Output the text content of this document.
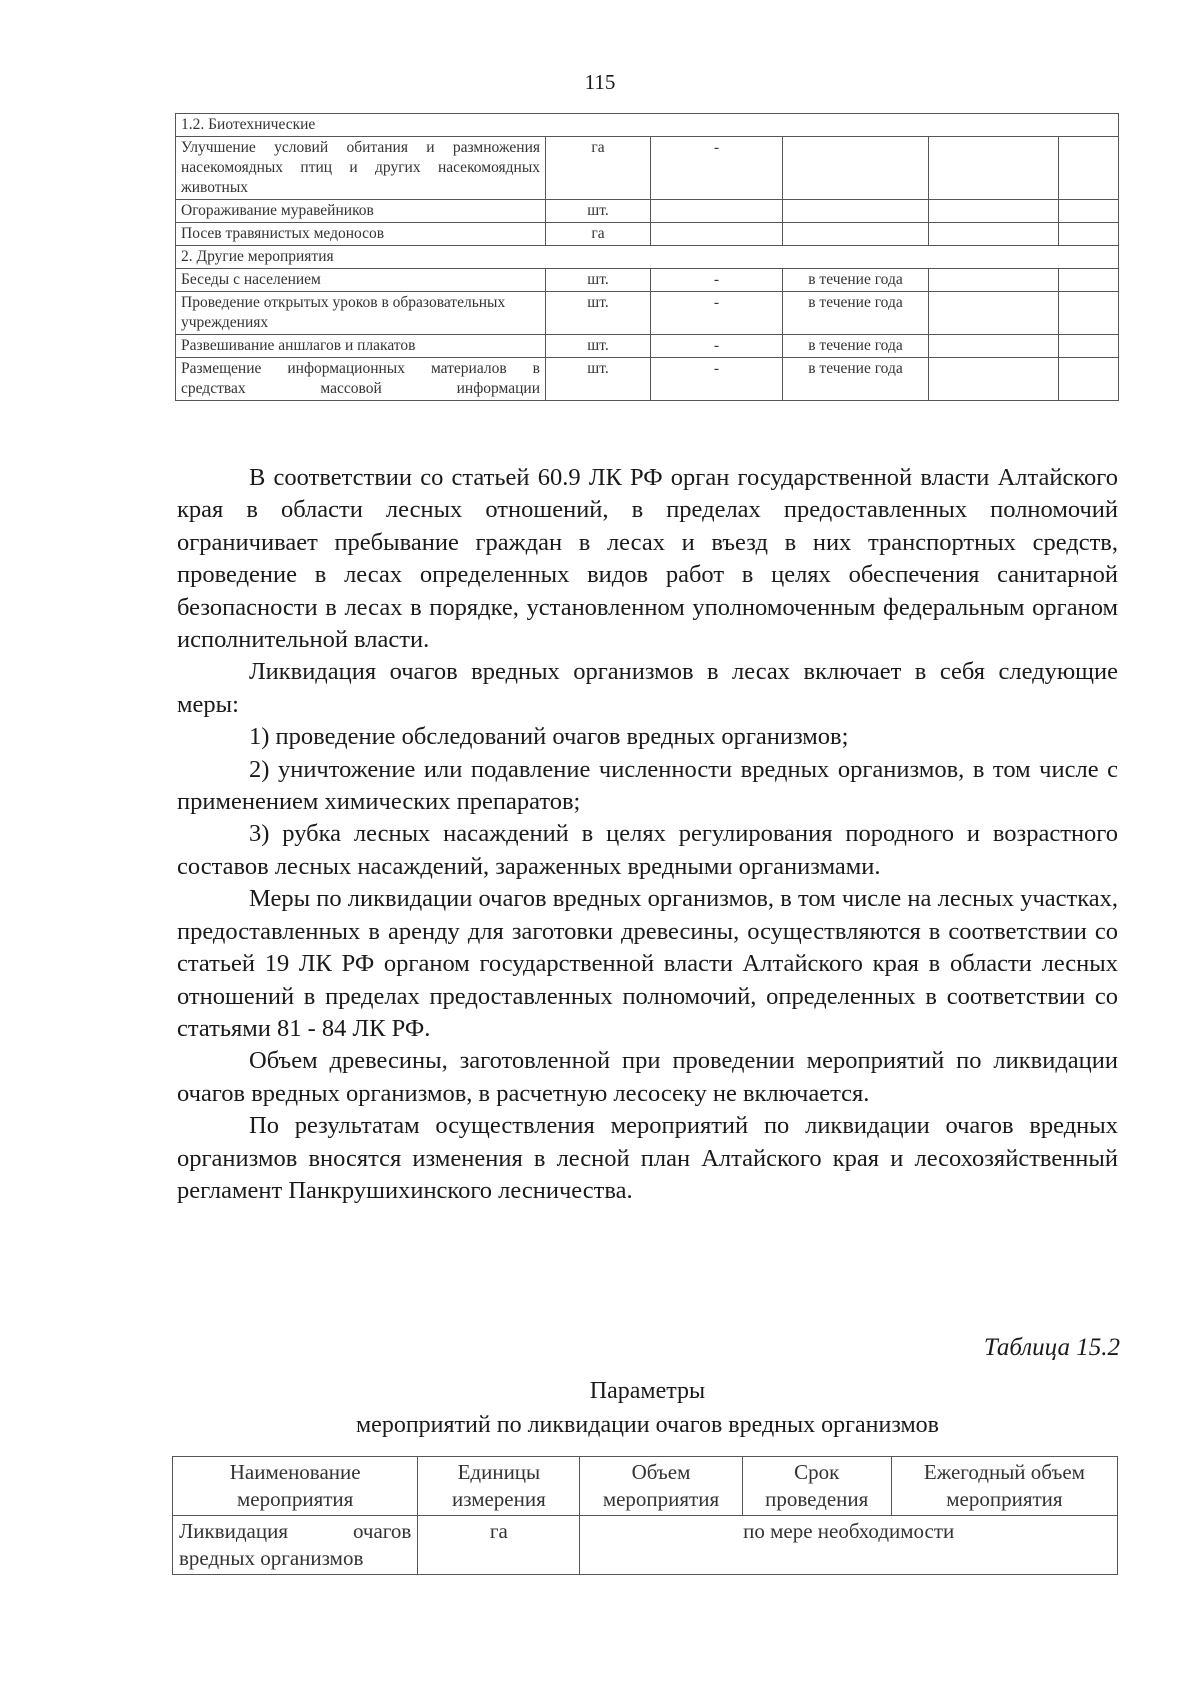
115
1.2. Биотехнические					
Улучшение условий обитания и размножения насекомоядных птиц и других насекомоядных животных	га	-			
Огораживание муравейников	шт.				
Посев травянистых медоносов	га				
2. Другие мероприятия					
Беседы с населением	шт.	-	в течение года		
Проведение открытых уроков в образовательных учреждениях	шт.	-	в течение года		
Развешивание аншлагов и плакатов	шт.	-	в течение года		
Размещение информационных материалов в средствах массовой информации	шт.	-	в течение года		

В соответствии со статьей 60.9 ЛК РФ орган государственной власти Алтайского края в области лесных отношений, в пределах предоставленных полномочий ограничивает пребывание граждан в лесах и въезд в них транспортных средств, проведение в лесах определенных видов работ в целях обеспечения санитарной безопасности в лесах в порядке, установленном уполномоченным федеральным органом исполнительной власти.

Ликвидация очагов вредных организмов в лесах включает в себя следующие меры:

1) проведение обследований очагов вредных организмов;

2) уничтожение или подавление численности вредных организмов, в том числе с применением химических препаратов;

3) рубка лесных насаждений в целях регулирования породного и возрастного составов лесных насаждений, зараженных вредными организмами.

Меры по ликвидации очагов вредных организмов, в том числе на лесных участках, предоставленных в аренду для заготовки древесины, осуществляются в соответствии со статьей 19 ЛК РФ органом государственной власти Алтайского края в области лесных отношений в пределах предоставленных полномочий, определенных в соответствии со статьями 81 - 84 ЛК РФ.

Объем древесины, заготовленной при проведении мероприятий по ликвидации очагов вредных организмов, в расчетную лесосеку не включается.

По результатам осуществления мероприятий по ликвидации очагов вредных организмов вносятся изменения в лесной план Алтайского края и лесохозяйственный регламент Панкрушихинского лесничества.

Таблица 15.2
Параметры
мероприятий по ликвидации очагов вредных организмов
Наименование мероприятия	Единицы измерения	Объем мероприятия	Срок проведения	Ежегодный объем мероприятия
Ликвидация очагов вредных организмов	га	по мере необходимости		
